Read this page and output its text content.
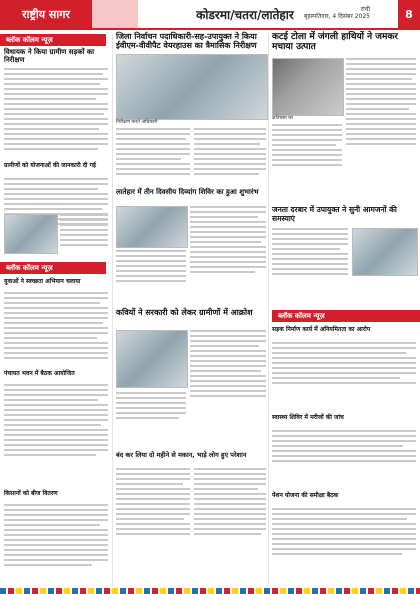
राष्ट्रीय सागर	कोडरमा/चतरा/लातेहार	रांची
बृहस्पतिवार, 4 दिसंबर 2025	8
ब्लॉक कॉलम न्यूज़
विधायक ने किया ग्रामीण सड़कों का निरीक्षण
ग्रामीणों को योजनाओं की जानकारी दी गई
ब्लॉक कॉलम न्यूज़
युवाओं ने स्वच्छता अभियान चलाया
पंचायत भवन में बैठक आयोजित
किसानों को बीज वितरण
जिला निर्वाचन पदाधिकारी-सह-उपायुक्त ने किया ईवीएम-वीवीपैट वेयरहाउस का त्रैमासिक निरीक्षण
निरीक्षण करते अधिकारी
लातेहार में तीन दिवसीय दिव्यांग शिविर का हुआ शुभारंभ
कवियों ने सरकारी को लेकर ग्रामीणों में आक्रोश
बंद कर लिया दो महीने से मकान, भाड़े लोग हुए परेशान
कटई टोला में जंगली हाथियों ने जमकर मचाया उत्पात
क्षतिग्रस्त घर
जनता दरबार में उपायुक्त ने सुनी आमजनों की समस्याएं
ब्लॉक कॉलम न्यूज़
सड़क निर्माण कार्य में अनियमितता का आरोप
स्वास्थ्य शिविर में मरीजों की जांच
पेंशन योजना की समीक्षा बैठक
